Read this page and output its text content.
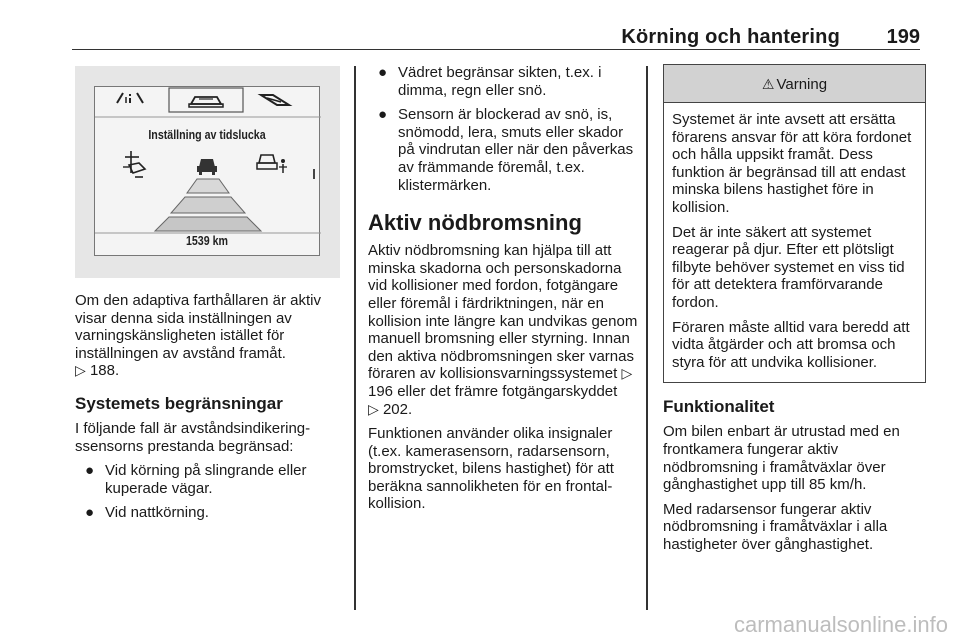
Körning och hantering 199
Inställning av tidslucka
1539 km

Om den adaptiva farthållaren är aktiv visar denna sida inställningen av varningskänsligheten istället för inställningen av avstånd framåt.
▷ 188.

Systemets begränsningar

I följande fall är avståndsindikeringssensorns prestanda begränsad:

● Vid körning på slingrande eller kuperade vägar.
● Vid nattkörning.
● Vädret begränsar sikten, t.ex. i dimma, regn eller snö.
● Sensorn är blockerad av snö, is, snömodd, lera, smuts eller skador på vindrutan eller när den påverkas av främmande föremål, t.ex. klistermärken.
Aktiv nödbromsning

Aktiv nödbromsning kan hjälpa till att minska skadorna och personskadorna vid kollisioner med fordon, fotgängare eller föremål i färdriktningen, när en kollision inte längre kan undvikas genom manuell bromsning eller styrning. Innan den aktiva nödbromsningen sker varnas föraren av kollisionsvarningssystemet ▷ 196 eller det främre fotgängarskyddet
▷ 202.

Funktionen använder olika insignaler (t.ex. kamerasensorn, radarsensorn, bromstrycket, bilens hastighet) för att beräkna sannolikheten för en frontalkollision.

⚠ Varning

Systemet är inte avsett att ersätta förarens ansvar för att köra fordonet och hålla uppsikt framåt. Dess funktion är begränsad till att endast minska bilens hastighet före in kollision.

Det är inte säkert att systemet reagerar på djur. Efter ett plötsligt filbyte behöver systemet en viss tid för att detektera framförvarande fordon.

Föraren måste alltid vara beredd att vidta åtgärder och att bromsa och styra för att undvika kollisioner.

Funktionalitet

Om bilen enbart är utrustad med en frontkamera fungerar aktiv nödbromsning i framåtväxlar över gånghastighet upp till 85 km/h.

Med radarsensor fungerar aktiv nödbromsning i framåtväxlar i alla hastigheter över gånghastighet.

carmanualsonline.info
